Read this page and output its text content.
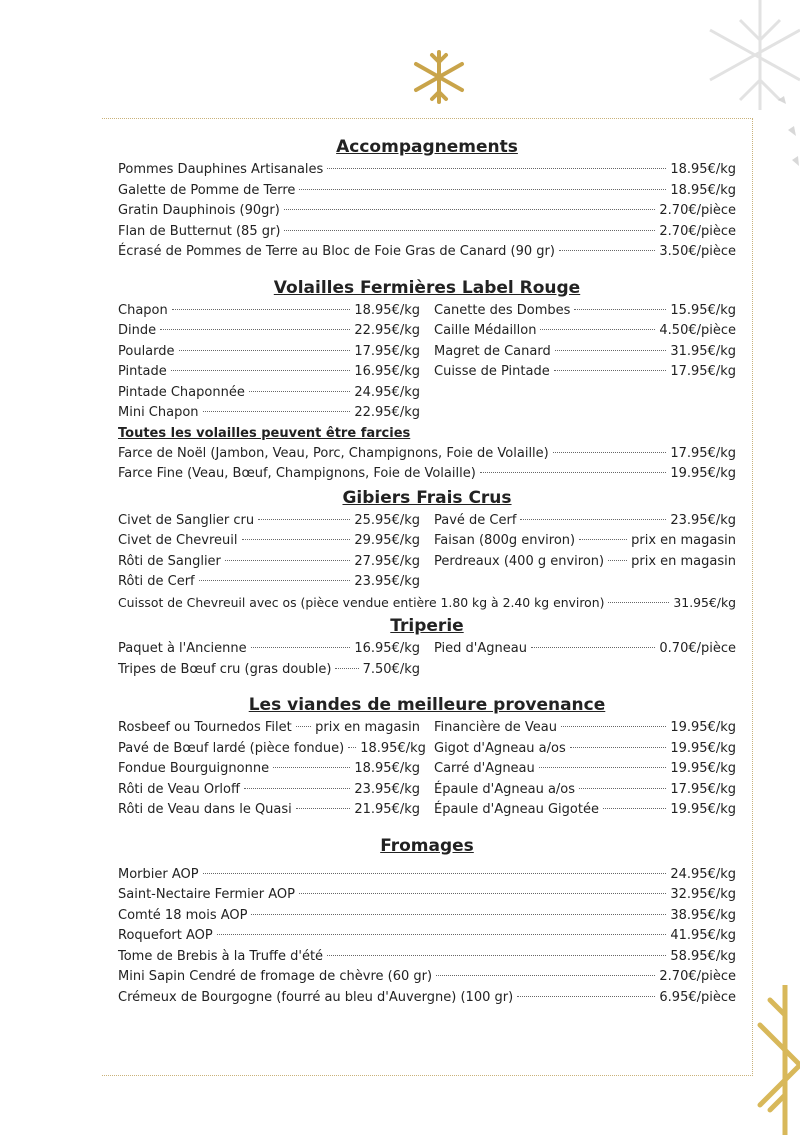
Accompagnements
Pommes Dauphines Artisanales	18.95€/kg
Galette de Pomme de Terre	18.95€/kg
Gratin Dauphinois (90gr)	2.70€/pièce
Flan de Butternut (85 gr)	2.70€/pièce
Écrasé de Pommes de Terre au Bloc de Foie Gras de Canard (90 gr)	3.50€/pièce
Volailles Fermières Label Rouge
Chapon	18.95€/kg
Dinde	22.95€/kg
Poularde	17.95€/kg
Pintade	16.95€/kg
Pintade Chaponnée	24.95€/kg
Mini Chapon	22.95€/kg
Canette des Dombes	15.95€/kg
Caille Médaillon	4.50€/pièce
Magret de Canard	31.95€/kg
Cuisse de Pintade	17.95€/kg
Toutes les volailles peuvent être farcies
Farce de Noël (Jambon, Veau, Porc, Champignons, Foie de Volaille)	17.95€/kg
Farce Fine (Veau, Bœuf, Champignons, Foie de Volaille)	19.95€/kg
Gibiers Frais Crus
Civet de Sanglier cru	25.95€/kg
Civet de Chevreuil	29.95€/kg
Rôti de Sanglier	27.95€/kg
Rôti de Cerf	23.95€/kg
Pavé de Cerf	23.95€/kg
Faisan (800g environ)	prix en magasin
Perdreaux (400 g environ) prix en magasin
Cuissot de Chevreuil avec os (pièce vendue entière 1.80 kg à 2.40 kg environ)	31.95€/kg
Triperie
Paquet à l'Ancienne	16.95€/kg
Tripes de Bœuf cru (gras double) 7.50€/kg
Pied d'Agneau	0.70€/pièce
Les viandes de meilleure provenance
Rosbeef ou Tournedos Filet prix en magasin
Pavé de Bœuf lardé (pièce fondue) 18.95€/kg
Fondue Bourguignonne	18.95€/kg
Rôti de Veau Orloff	23.95€/kg
Rôti de Veau dans le Quasi	21.95€/kg
Financière de Veau	19.95€/kg
Gigot d'Agneau a/os	19.95€/kg
Carré d'Agneau	19.95€/kg
Épaule d'Agneau a/os	17.95€/kg
Épaule d'Agneau Gigotée	19.95€/kg
Fromages
Morbier AOP	24.95€/kg
Saint-Nectaire Fermier AOP	32.95€/kg
Comté 18 mois AOP	38.95€/kg
Roquefort AOP	41.95€/kg
Tome de Brebis à la Truffe d'été	58.95€/kg
Mini Sapin Cendré de fromage de chèvre (60 gr)	2.70€/pièce
Crémeux de Bourgogne (fourré au bleu d'Auvergne) (100 gr)	6.95€/pièce
